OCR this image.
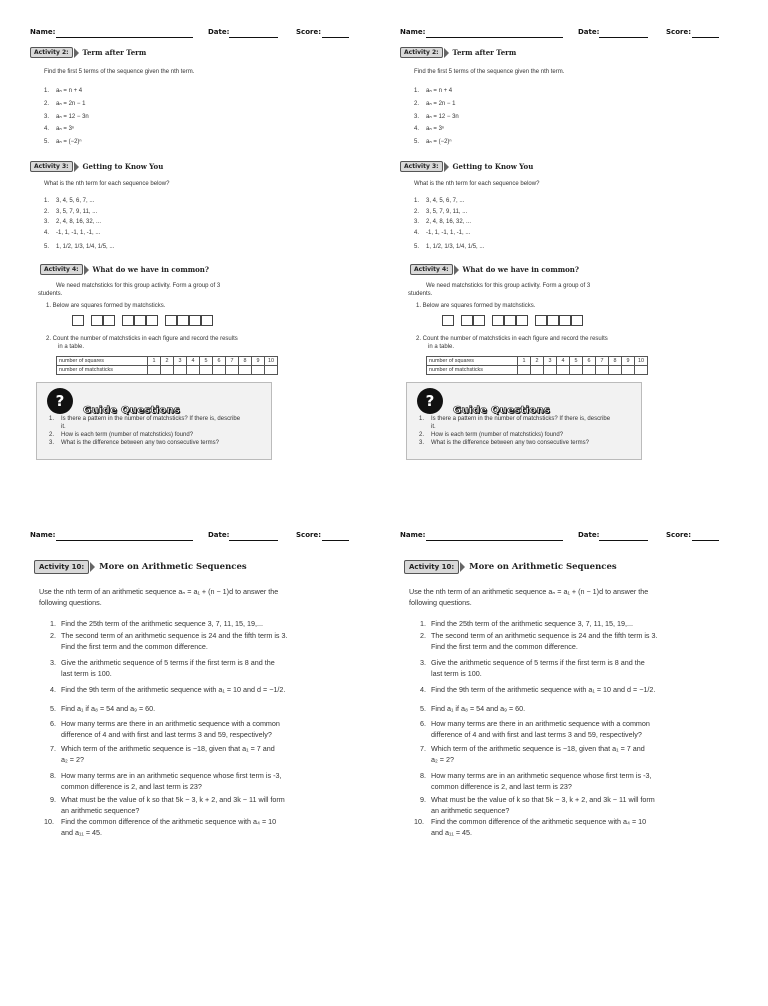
Name:	Date:	Score:
Activity 2:	Term after Term
Find the first 5 terms of the sequence given the nth term.
1. aₙ = n + 4
2. aₙ = 2n − 1
3. aₙ = 12 − 3n
4. aₙ = 3ⁿ
5. aₙ = (−2)ⁿ
Activity 3:	Getting to Know You
What is the nth term for each sequence below?
1. 3, 4, 5, 6, 7, ...
2. 3, 5, 7, 9, 11, ...
3. 2, 4, 8, 16, 32, ...
4. -1, 1, -1, 1, -1, ...
5. 1, 1/2, 1/3, 1/4, 1/5, ...
Activity 4:	What do we have in common?
We need matchsticks for this group activity. Form a group of 3
students.
1. Below are squares formed by matchsticks.
2. Count the number of matchsticks in each figure and record the results
in a table.
number of squares	1	2	3	4	5	6	7	8	9	10
number of matchsticks										
?
Guide Questions
1. Is there a pattern in the number of matchsticks? If there is, describe
it.
2. How is each term (number of matchsticks) found?
3. What is the difference between any two consecutive terms?
Name:	Date:	Score:
Activity 2:	Term after Term
Find the first 5 terms of the sequence given the nth term.
1. aₙ = n + 4
2. aₙ = 2n − 1
3. aₙ = 12 − 3n
4. aₙ = 3ⁿ
5. aₙ = (−2)ⁿ
Activity 3:	Getting to Know You
What is the nth term for each sequence below?
1. 3, 4, 5, 6, 7, ...
2. 3, 5, 7, 9, 11, ...
3. 2, 4, 8, 16, 32, ...
4. -1, 1, -1, 1, -1, ...
5. 1, 1/2, 1/3, 1/4, 1/5, ...
Activity 4:	What do we have in common?
We need matchsticks for this group activity. Form a group of 3
students.
1. Below are squares formed by matchsticks.
2. Count the number of matchsticks in each figure and record the results
in a table.
number of squares	1	2	3	4	5	6	7	8	9	10
number of matchsticks										
?
Guide Questions
1. Is there a pattern in the number of matchsticks? If there is, describe
it.
2. How is each term (number of matchsticks) found?
3. What is the difference between any two consecutive terms?
Name:	Date:	Score:
Activity 10:	More on Arithmetic Sequences
Use the nth term of an arithmetic sequence aₙ = a₁ + (n − 1)d to answer the
following questions.
1. Find the 25th term of the arithmetic sequence 3, 7, 11, 15, 19,...
2. The second term of an arithmetic sequence is 24 and the fifth term is 3.
Find the first term and the common difference.
3. Give the arithmetic sequence of 5 terms if the first term is 8 and the
last term is 100.
4. Find the 9th term of the arithmetic sequence with a₁ = 10 and d = −1/2.
5. Find a₁ if a₈ = 54 and a₉ = 60.
6. How many terms are there in an arithmetic sequence with a common
difference of 4 and with first and last terms 3 and 59, respectively?
7. Which term of the arithmetic sequence is −18, given that a₁ = 7 and
a₂ = 2?
8. How many terms are in an arithmetic sequence whose first term is -3,
common difference is 2, and last term is 23?
9. What must be the value of k so that 5k − 3, k + 2, and 3k − 11 will form
an arithmetic sequence?
10. Find the common difference of the arithmetic sequence with a₄ = 10
and a₁₁ = 45.
Name:	Date:	Score:
Activity 10:	More on Arithmetic Sequences
Use the nth term of an arithmetic sequence aₙ = a₁ + (n − 1)d to answer the
following questions.
1. Find the 25th term of the arithmetic sequence 3, 7, 11, 15, 19,...
2. The second term of an arithmetic sequence is 24 and the fifth term is 3.
Find the first term and the common difference.
3. Give the arithmetic sequence of 5 terms if the first term is 8 and the
last term is 100.
4. Find the 9th term of the arithmetic sequence with a₁ = 10 and d = −1/2.
5. Find a₁ if a₈ = 54 and a₉ = 60.
6. How many terms are there in an arithmetic sequence with a common
difference of 4 and with first and last terms 3 and 59, respectively?
7. Which term of the arithmetic sequence is −18, given that a₁ = 7 and
a₂ = 2?
8. How many terms are in an arithmetic sequence whose first term is -3,
common difference is 2, and last term is 23?
9. What must be the value of k so that 5k − 3, k + 2, and 3k − 11 will form
an arithmetic sequence?
10. Find the common difference of the arithmetic sequence with a₄ = 10
and a₁₁ = 45.
